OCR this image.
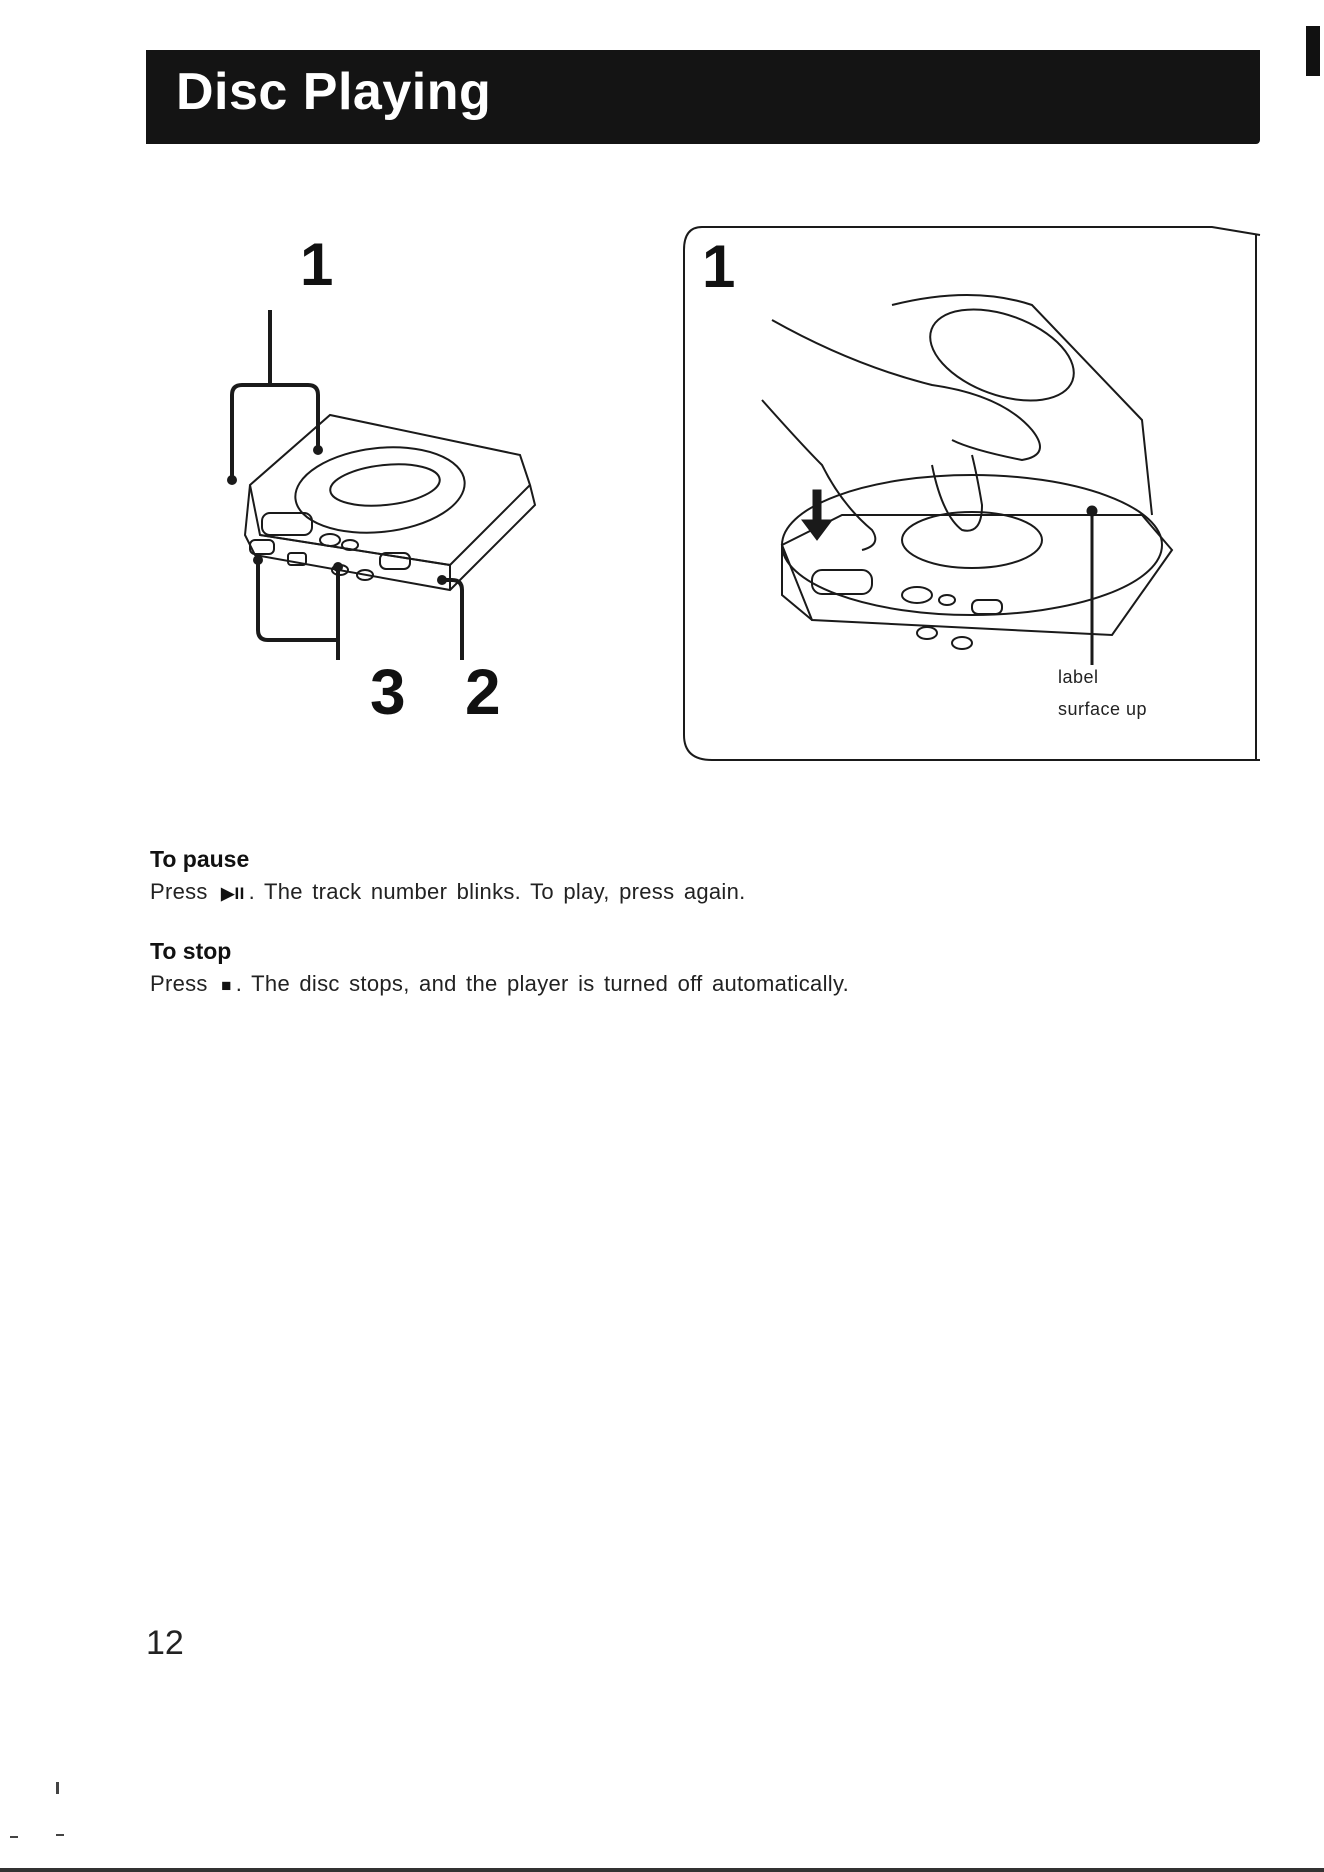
Disc Playing
1
3 2
1
label
surface up
To pause
Press ▶II . The track number blinks. To play, press again.
To stop
Press ■ . The disc stops, and the player is turned off automatically.
12
